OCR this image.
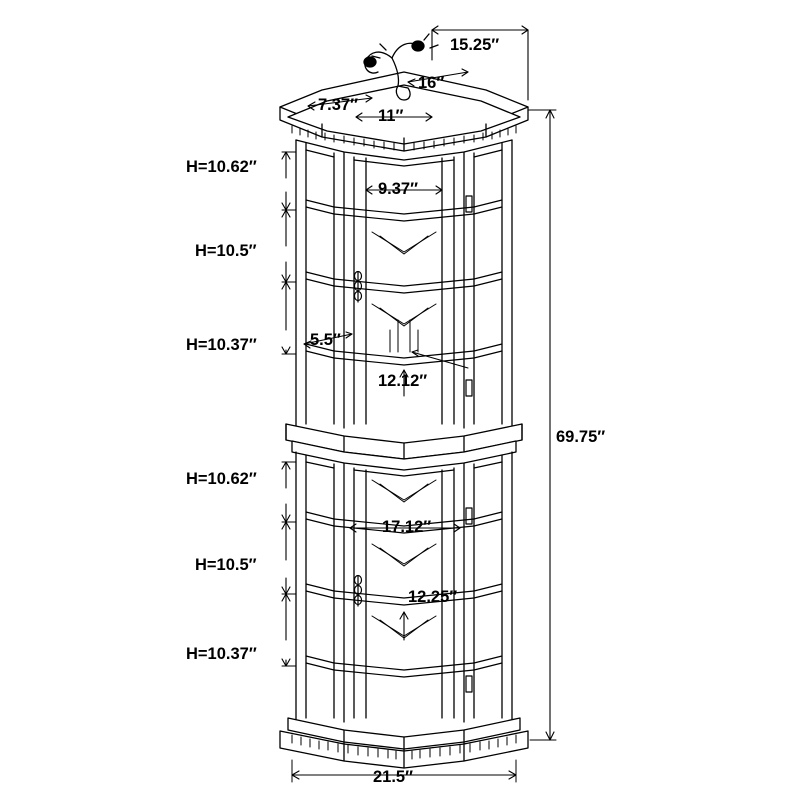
15.25″
7.37″
16″
11″
9.37″
5.5″
12.12″
17.12″
12.25″
69.75″
21.5″
H=10.62″
H=10.5″
H=10.37″
H=10.62″
H=10.5″
H=10.37″
